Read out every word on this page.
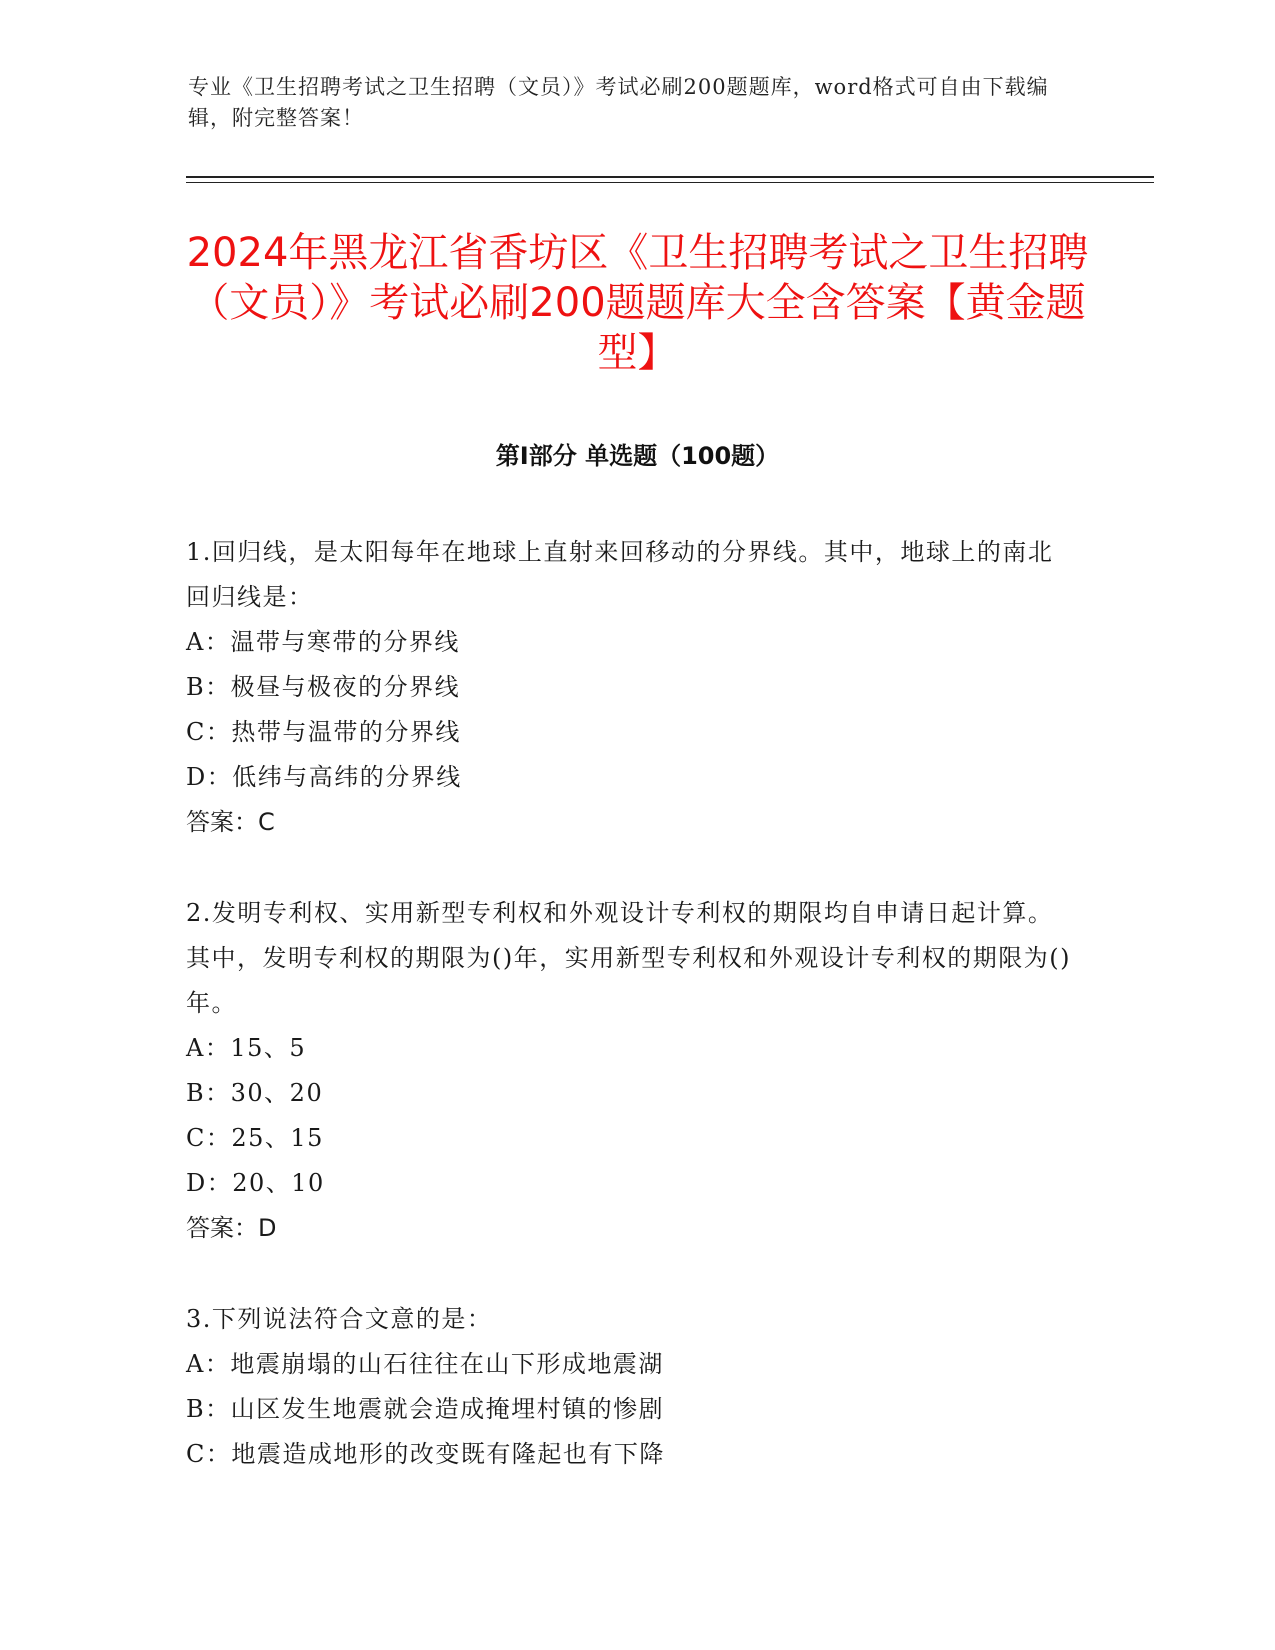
专业《卫生招聘考试之卫生招聘（文员）》考试必刷200题题库，word格式可自由下载编辑，附完整答案！
2024年黑龙江省香坊区《卫生招聘考试之卫生招聘（文员）》考试必刷200题题库大全含答案【黄金题型】
第I部分 单选题（100题）
1.回归线，是太阳每年在地球上直射来回移动的分界线。其中，地球上的南北回归线是：
A：温带与寒带的分界线
B：极昼与极夜的分界线
C：热带与温带的分界线
D：低纬与高纬的分界线
答案：C
2.发明专利权、实用新型专利权和外观设计专利权的期限均自申请日起计算。其中，发明专利权的期限为()年，实用新型专利权和外观设计专利权的期限为()年。
A：15、5
B：30、20
C：25、15
D：20、10
答案：D
3.下列说法符合文意的是：
A：地震崩塌的山石往往在山下形成地震湖
B：山区发生地震就会造成掩埋村镇的惨剧
C：地震造成地形的改变既有隆起也有下降
